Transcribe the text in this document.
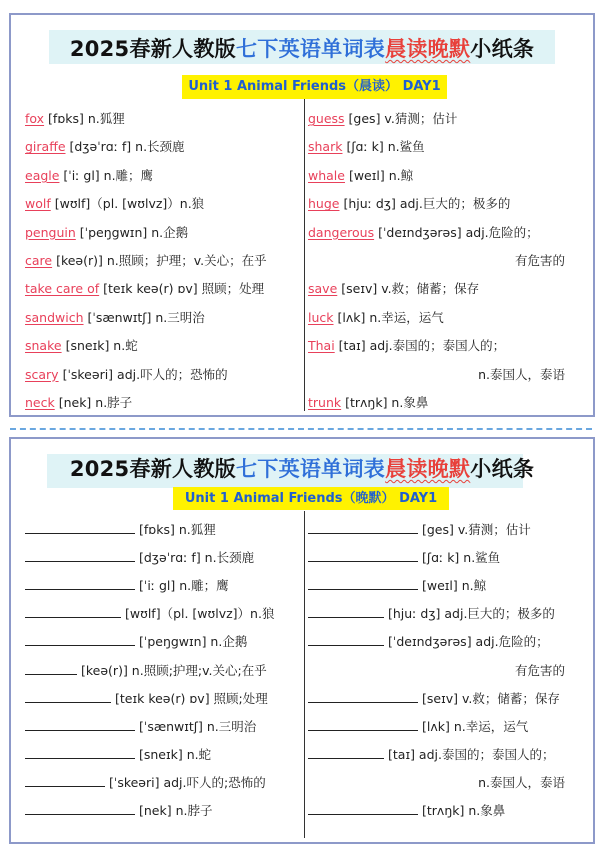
2025春新人教版七下英语单词表晨读晚默小纸条
Unit 1 Animal Friends（晨读） DAY1
fox [fɒks] n.狐狸
giraffe [dʒəˈrɑː f] n.长颈鹿
eagle [ˈiː gl] n.雕；鹰
wolf [wʊlf]（pl. [wʊlvz]）n.狼
penguin [ˈpeŋgwɪn] n.企鹅
care [keə(r)] n.照顾；护理；v.关心；在乎
take care of [teɪk keə(r) ɒv] 照顾；处理
sandwich [ˈsænwɪtʃ] n.三明治
snake [sneɪk] n.蛇
scary [ˈskeəri] adj.吓人的；恐怖的
neck [nek] n.脖子
guess [ges] v.猜测；估计
shark [ʃɑː k] n.鲨鱼
whale [weɪl] n.鲸
huge [hjuː dʒ] adj.巨大的；极多的
dangerous [ˈdeɪndʒərəs] adj.危险的；
有危害的
save [seɪv] v.救；储蓄；保存
luck [lʌk] n.幸运，运气
Thai [taɪ] adj.泰国的；泰国人的；
n.泰国人，泰语
trunk [trʌŋk] n.象鼻
2025春新人教版七下英语单词表晨读晚默小纸条
Unit 1 Animal Friends（晚默） DAY1
[fɒks] n.狐狸
[dʒəˈrɑː f] n.长颈鹿
[ˈiː gl] n.雕；鹰
[wʊlf]（pl. [wʊlvz]）n.狼
[ˈpeŋgwɪn] n.企鹅
[keə(r)] n.照顾;护理;v.关心;在乎
[teɪk keə(r) ɒv] 照顾;处理
[ˈsænwɪtʃ] n.三明治
[sneɪk] n.蛇
[ˈskeəri] adj.吓人的;恐怖的
[nek] n.脖子
[ges] v.猜测；估计
[ʃɑː k] n.鲨鱼
[weɪl] n.鲸
[hjuː dʒ] adj.巨大的；极多的
[ˈdeɪndʒərəs] adj.危险的；
有危害的
[seɪv] v.救；储蓄；保存
[lʌk] n.幸运，运气
[taɪ] adj.泰国的；泰国人的；
n.泰国人，泰语
[trʌŋk] n.象鼻
